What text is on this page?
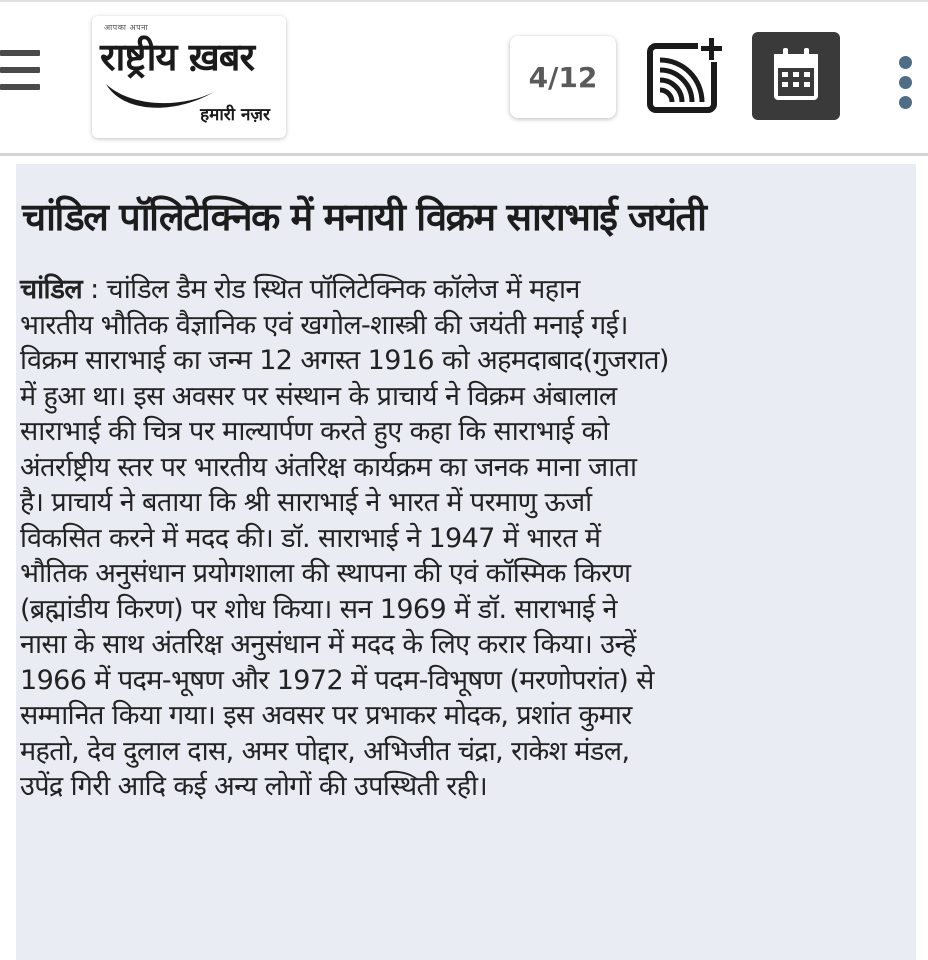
आपका अपना
राष्ट्रीय ख़बर
हमारी नज़र
4/12
चांडिल पॉलिटेक्निक में मनायी विक्रम साराभाई जयंती
चांडिल : चांडिल डैम रोड स्थित पॉलिटेक्निक कॉलेज में महान
भारतीय भौतिक वैज्ञानिक एवं खगोल-शास्त्री की जयंती मनाई गई।
विक्रम साराभाई का जन्म 12 अगस्त 1916 को अहमदाबाद(गुजरात)
में हुआ था। इस अवसर पर संस्थान के प्राचार्य ने विक्रम अंबालाल
साराभाई की चित्र पर माल्यार्पण करते हुए कहा कि साराभाई को
अंतर्राष्ट्रीय स्तर पर भारतीय अंतरिक्ष कार्यक्रम का जनक माना जाता
है। प्राचार्य ने बताया कि श्री साराभाई ने भारत में परमाणु ऊर्जा
विकसित करने में मदद की। डॉ. साराभाई ने 1947 में भारत में
भौतिक अनुसंधान प्रयोगशाला की स्थापना की एवं कॉस्मिक किरण
(ब्रह्मांडीय किरण) पर शोध किया। सन 1969 में डॉ. साराभाई ने
नासा के साथ अंतरिक्ष अनुसंधान में मदद के लिए करार किया। उन्हें
1966 में पदम-भूषण और 1972 में पदम-विभूषण (मरणोपरांत) से
सम्मानित किया गया। इस अवसर पर प्रभाकर मोदक, प्रशांत कुमार
महतो, देव दुलाल दास, अमर पोद्दार, अभिजीत चंद्रा, राकेश मंडल,
उपेंद्र गिरी आदि कई अन्य लोगों की उपस्थिती रही।
